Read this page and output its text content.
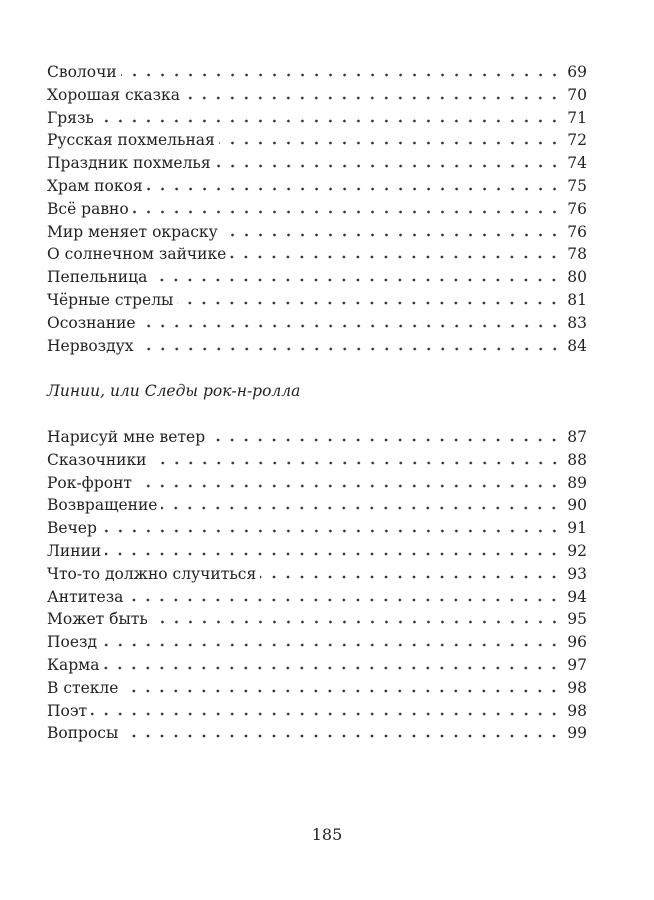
Сволочи	69
Хорошая сказка	70
Грязь	71
Русская похмельная	72
Праздник похмелья	74
Храм покоя	75
Всё равно	76
Мир меняет окраску	76
О солнечном зайчике	78
Пепельница	80
Чёрные стрелы	81
Осознание	83
Нервоздух	84
Линии, или Следы рок-н-ролла
Нарисуй мне ветер	87
Сказочники	88
Рок-фронт	89
Возвращение	90
Вечер	91
Линии	92
Что-то должно случиться	93
Антитеза	94
Может быть	95
Поезд	96
Карма	97
В стекле	98
Поэт	98
Вопросы	99
185
